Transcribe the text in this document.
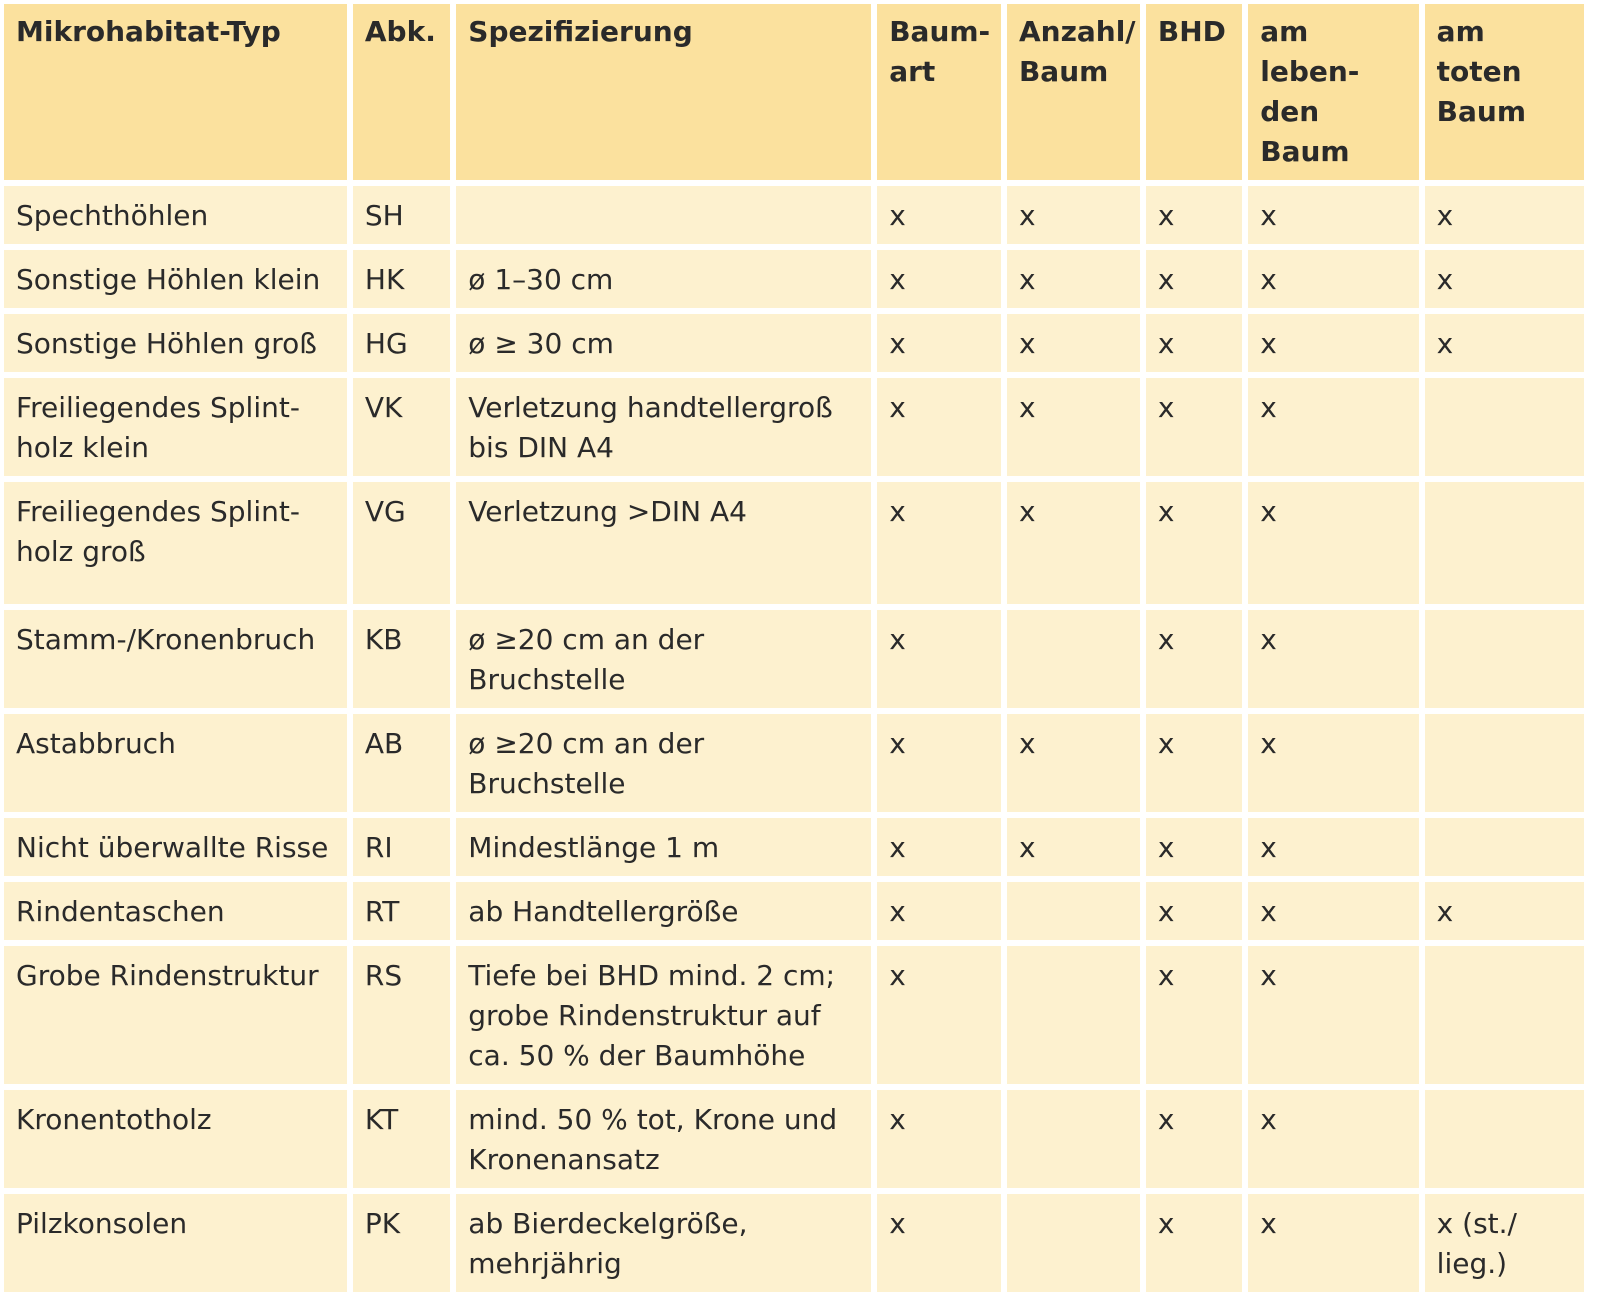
Mikrohabitat-Typ	Abk.	Spezifizierung	Baum-
art	Anzahl/
Baum	BHD	am leben-
den Baum	am toten
Baum

Spechthöhlen	SH		x	x	x	x	x

Sonstige Höhlen klein	HK	ø 1–30 cm	x	x	x	x	x

Sonstige Höhlen groß	HG	ø ≥ 30 cm	x	x	x	x	x

Freiliegendes Splint-
holz klein	VK	Verletzung handtellergroß
bis DIN A4	x	x	x	x	

Freiliegendes Splint-
holz groß	VG	Verletzung >DIN A4	x	x	x	x	

Stamm-/Kronenbruch	KB	ø ≥20 cm an der Bruchstelle	x		x	x	

Astabbruch	AB	ø ≥20 cm an der Bruchstelle	x	x	x	x	

Nicht überwallte Risse	RI	Mindestlänge 1 m	x	x	x	x	

Rindentaschen	RT	ab Handtellergröße	x		x	x	x

Grobe Rindenstruktur	RS	Tiefe bei BHD mind. 2 cm;
grobe Rindenstruktur auf
ca. 50 % der Baumhöhe	x		x	x	

Kronentotholz	KT	mind. 50 % tot, Krone und
Kronenansatz	x		x	x	

Pilzkonsolen	PK	ab Bierdeckelgröße,
mehrjährig	x		x	x	x (st./
lieg.)
